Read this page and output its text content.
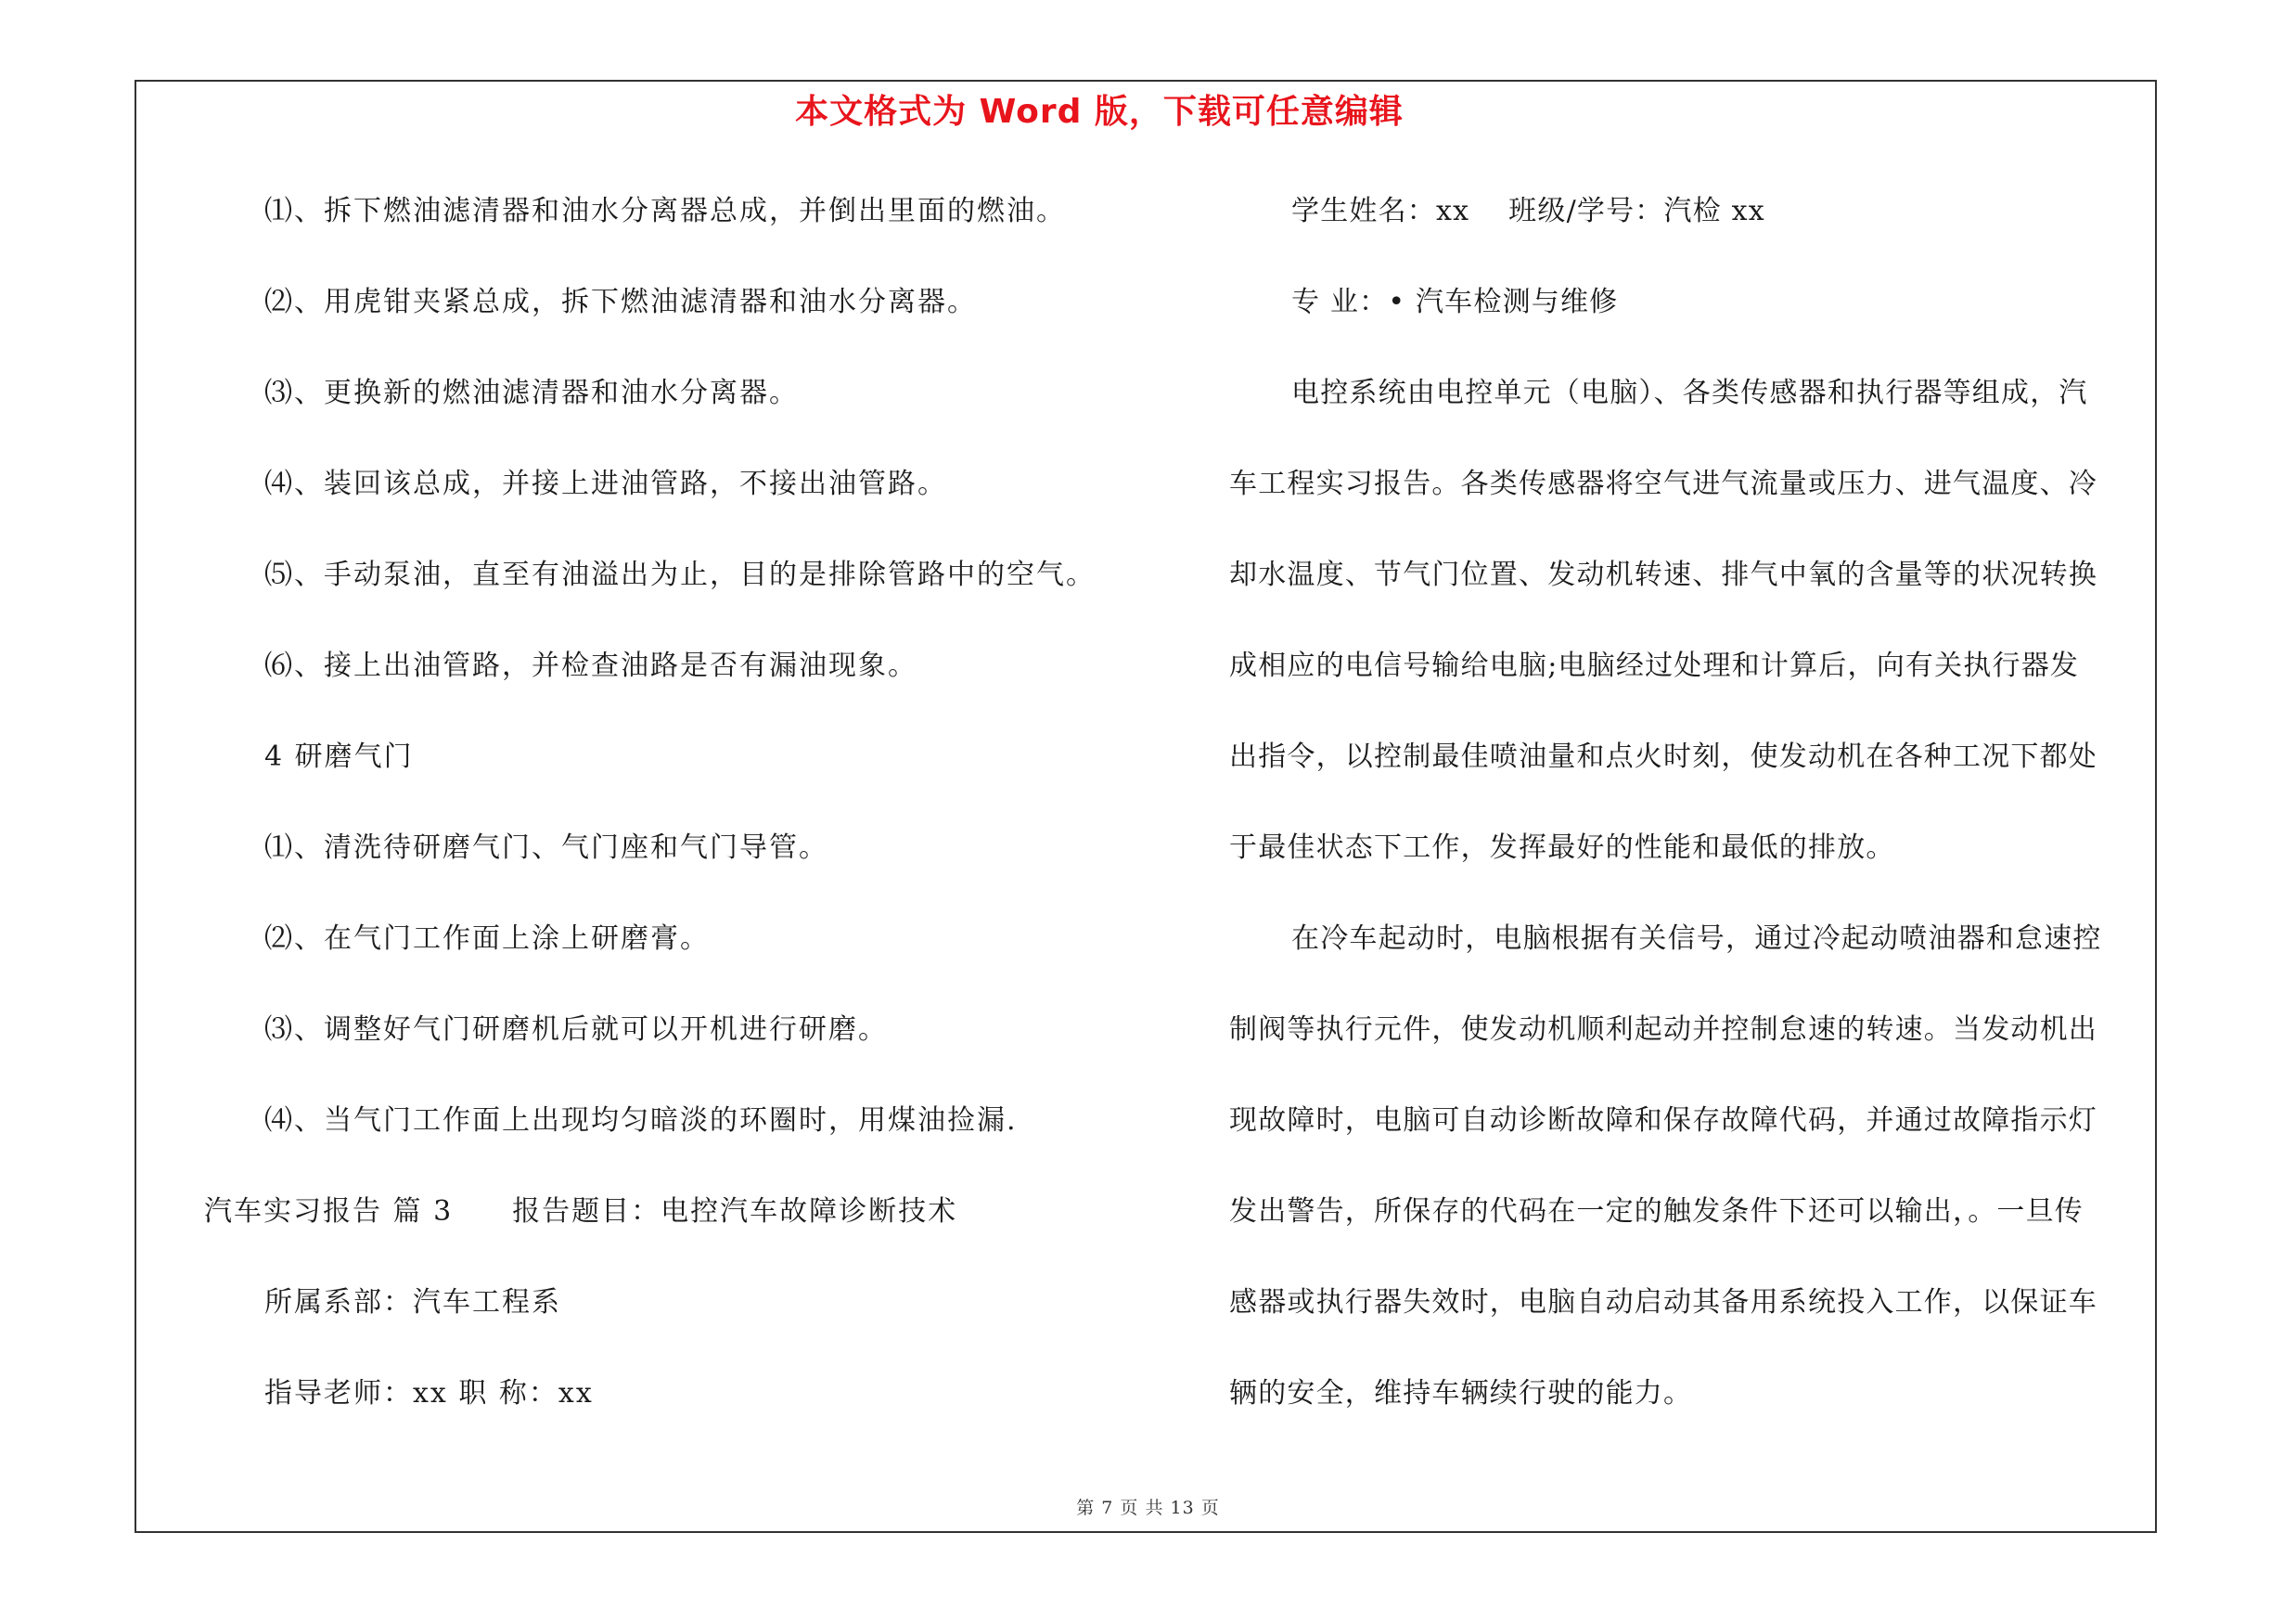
本文格式为 Word 版，下载可任意编辑
⑴、拆下燃油滤清器和油水分离器总成，并倒出里面的燃油。
⑵、用虎钳夹紧总成，拆下燃油滤清器和油水分离器。
⑶、更换新的燃油滤清器和油水分离器。
⑷、装回该总成，并接上进油管路，不接出油管路。
⑸、手动泵油，直至有油溢出为止，目的是排除管路中的空气。
⑹、接上出油管路，并检查油路是否有漏油现象。
4 研磨气门
⑴、清洗待研磨气门、气门座和气门导管。
⑵、在气门工作面上涂上研磨膏。
⑶、调整好气门研磨机后就可以开机进行研磨。
⑷、当气门工作面上出现均匀暗淡的环圈时，用煤油捡漏.
汽车实习报告 篇 3　　报告题目：电控汽车故障诊断技术
所属系部：汽车工程系
指导老师：xx 职 称：xx
学生姓名：xx　 班级/学号：汽检 xx
专 业：• 汽车检测与维修
电控系统由电控单元（电脑）、各类传感器和执行器等组成，汽
车工程实习报告。各类传感器将空气进气流量或压力、进气温度、冷
却水温度、节气门位置、发动机转速、排气中氧的含量等的状况转换
成相应的电信号输给电脑;电脑经过处理和计算后，向有关执行器发
出指令，以控制最佳喷油量和点火时刻，使发动机在各种工况下都处
于最佳状态下工作，发挥最好的性能和最低的排放。
在冷车起动时，电脑根据有关信号，通过冷起动喷油器和怠速控
制阀等执行元件，使发动机顺利起动并控制怠速的转速。当发动机出
现故障时，电脑可自动诊断故障和保存故障代码，并通过故障指示灯
发出警告，所保存的代码在一定的触发条件下还可以输出，。一旦传
感器或执行器失效时，电脑自动启动其备用系统投入工作，以保证车
辆的安全，维持车辆续行驶的能力。
第 7 页 共 13 页
